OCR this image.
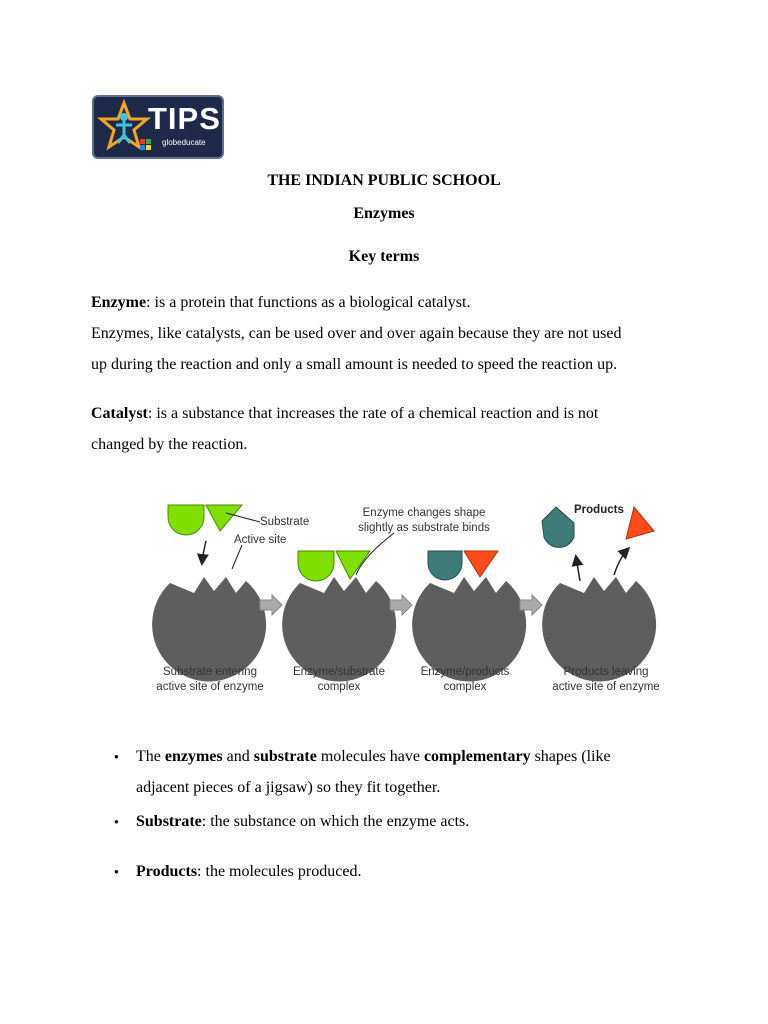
TIPS
globeducate
THE INDIAN PUBLIC SCHOOL
Enzymes
Key terms
Enzyme: is a protein that functions as a biological catalyst.
Enzymes, like catalysts, can be used over and over again because they are not used
up during the reaction and only a small amount is needed to speed the reaction up.
Catalyst: is a substance that increases the rate of a chemical reaction and is not
changed by the reaction.
Substrate
Active site
Enzyme changes shape
slightly as substrate binds
Products
Substrate entering
active site of enzyme
Enzyme/substrate
complex
Enzyme/products
complex
Products leaving
active site of enzyme
● The enzymes and substrate molecules have complementary shapes (like
adjacent pieces of a jigsaw) so they fit together.
● Substrate: the substance on which the enzyme acts.
● Products: the molecules produced.
